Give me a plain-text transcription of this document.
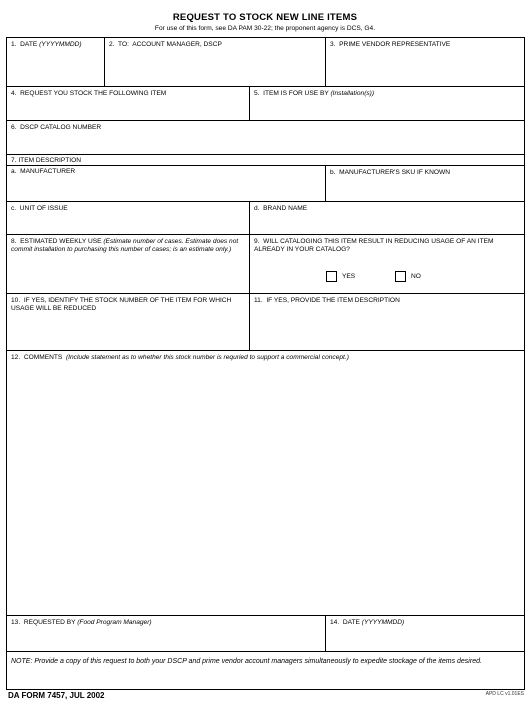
REQUEST TO STOCK NEW LINE ITEMS
For use of this form, see DA PAM 30-22; the proponent agency is DCS, G4.
1.  DATE (YYYYMMDD)	2.  TO:  ACCOUNT MANAGER, DSCP	3.  PRIME VENDOR REPRESENTATIVE
4.  REQUEST YOU STOCK THE FOLLOWING ITEM	5.  ITEM IS FOR USE BY (Installation(s))
6.  DSCP CATALOG NUMBER
7. ITEM DESCRIPTION
a.  MANUFACTURER	b.  MANUFACTURER'S SKU IF KNOWN
c.  UNIT OF ISSUE	d.  BRAND NAME
8.  ESTIMATED WEEKLY USE (Estimate number of cases. Estimate does not commit installation to purchasing this number of cases; is an estimate only.)
9.  WILL CATALOGING THIS ITEM RESULT IN REDUCING USAGE OF AN ITEM ALREADY IN YOUR CATALOG?
YES	NO
10.  IF YES, IDENTIFY THE STOCK NUMBER OF THE ITEM FOR WHICH USAGE WILL BE REDUCED
11.  IF YES, PROVIDE THE ITEM DESCRIPTION
12.  COMMENTS  (Include statement as to whether this stock number is requried to support a commercial concept.)
13.  REQUESTED BY (Food Program Manager)	14.  DATE (YYYYMMDD)
NOTE: Provide a copy of this request to both your DSCP and prime vendor account managers simultaneously to expedite stockage of the items desired.
DA FORM 7457, JUL 2002	APD LC v1.01ES
